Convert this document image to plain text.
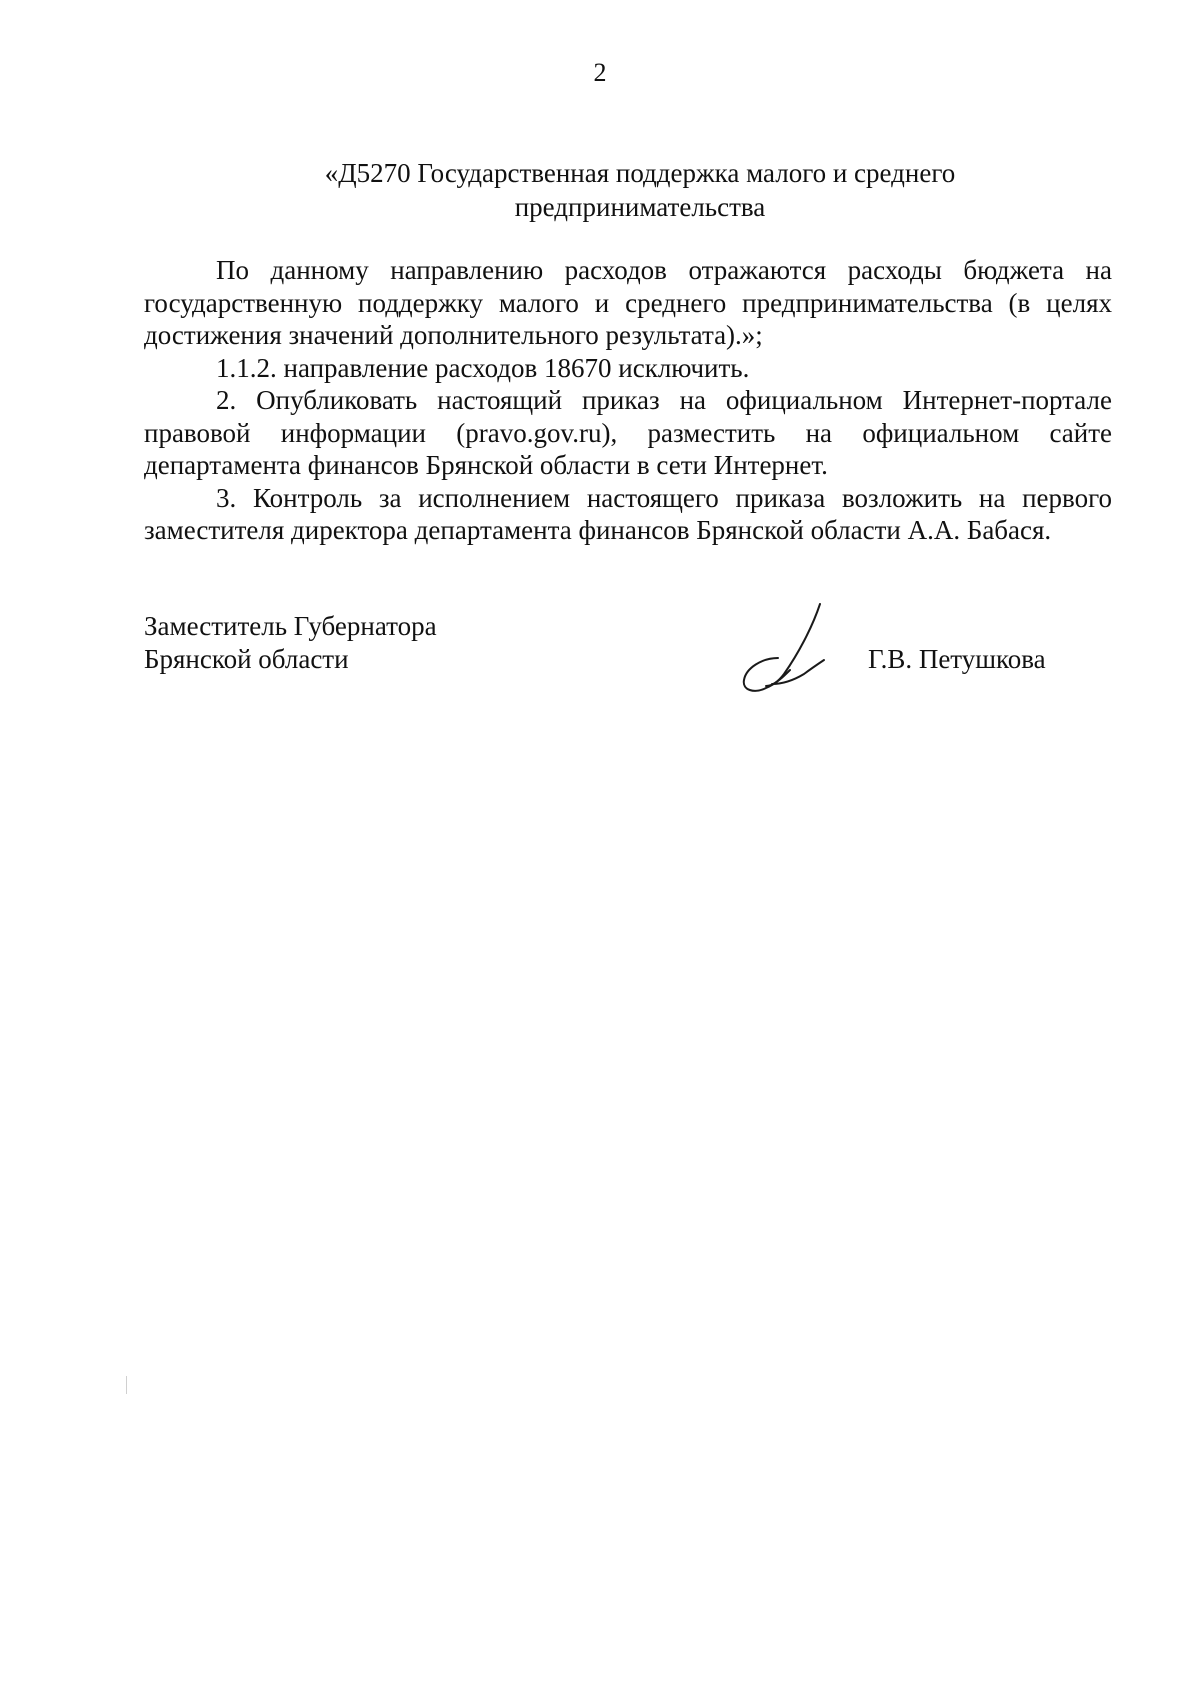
2
«Д5270 Государственная поддержка малого и среднего
предпринимательства

По данному направлению расходов отражаются расходы бюджета на государственную поддержку малого и среднего предпринимательства (в целях достижения значений дополнительного результата).»;

1.1.2. направление расходов 18670 исключить.

2. Опубликовать настоящий приказ на официальном Интернет-портале правовой информации (pravo.gov.ru), разместить на официальном сайте департамента финансов Брянской области в сети Интернет.

3. Контроль за исполнением настоящего приказа возложить на первого заместителя директора департамента финансов Брянской области А.А. Бабася.

Заместитель Губернатора
Брянской области	Г.В. Петушкова
